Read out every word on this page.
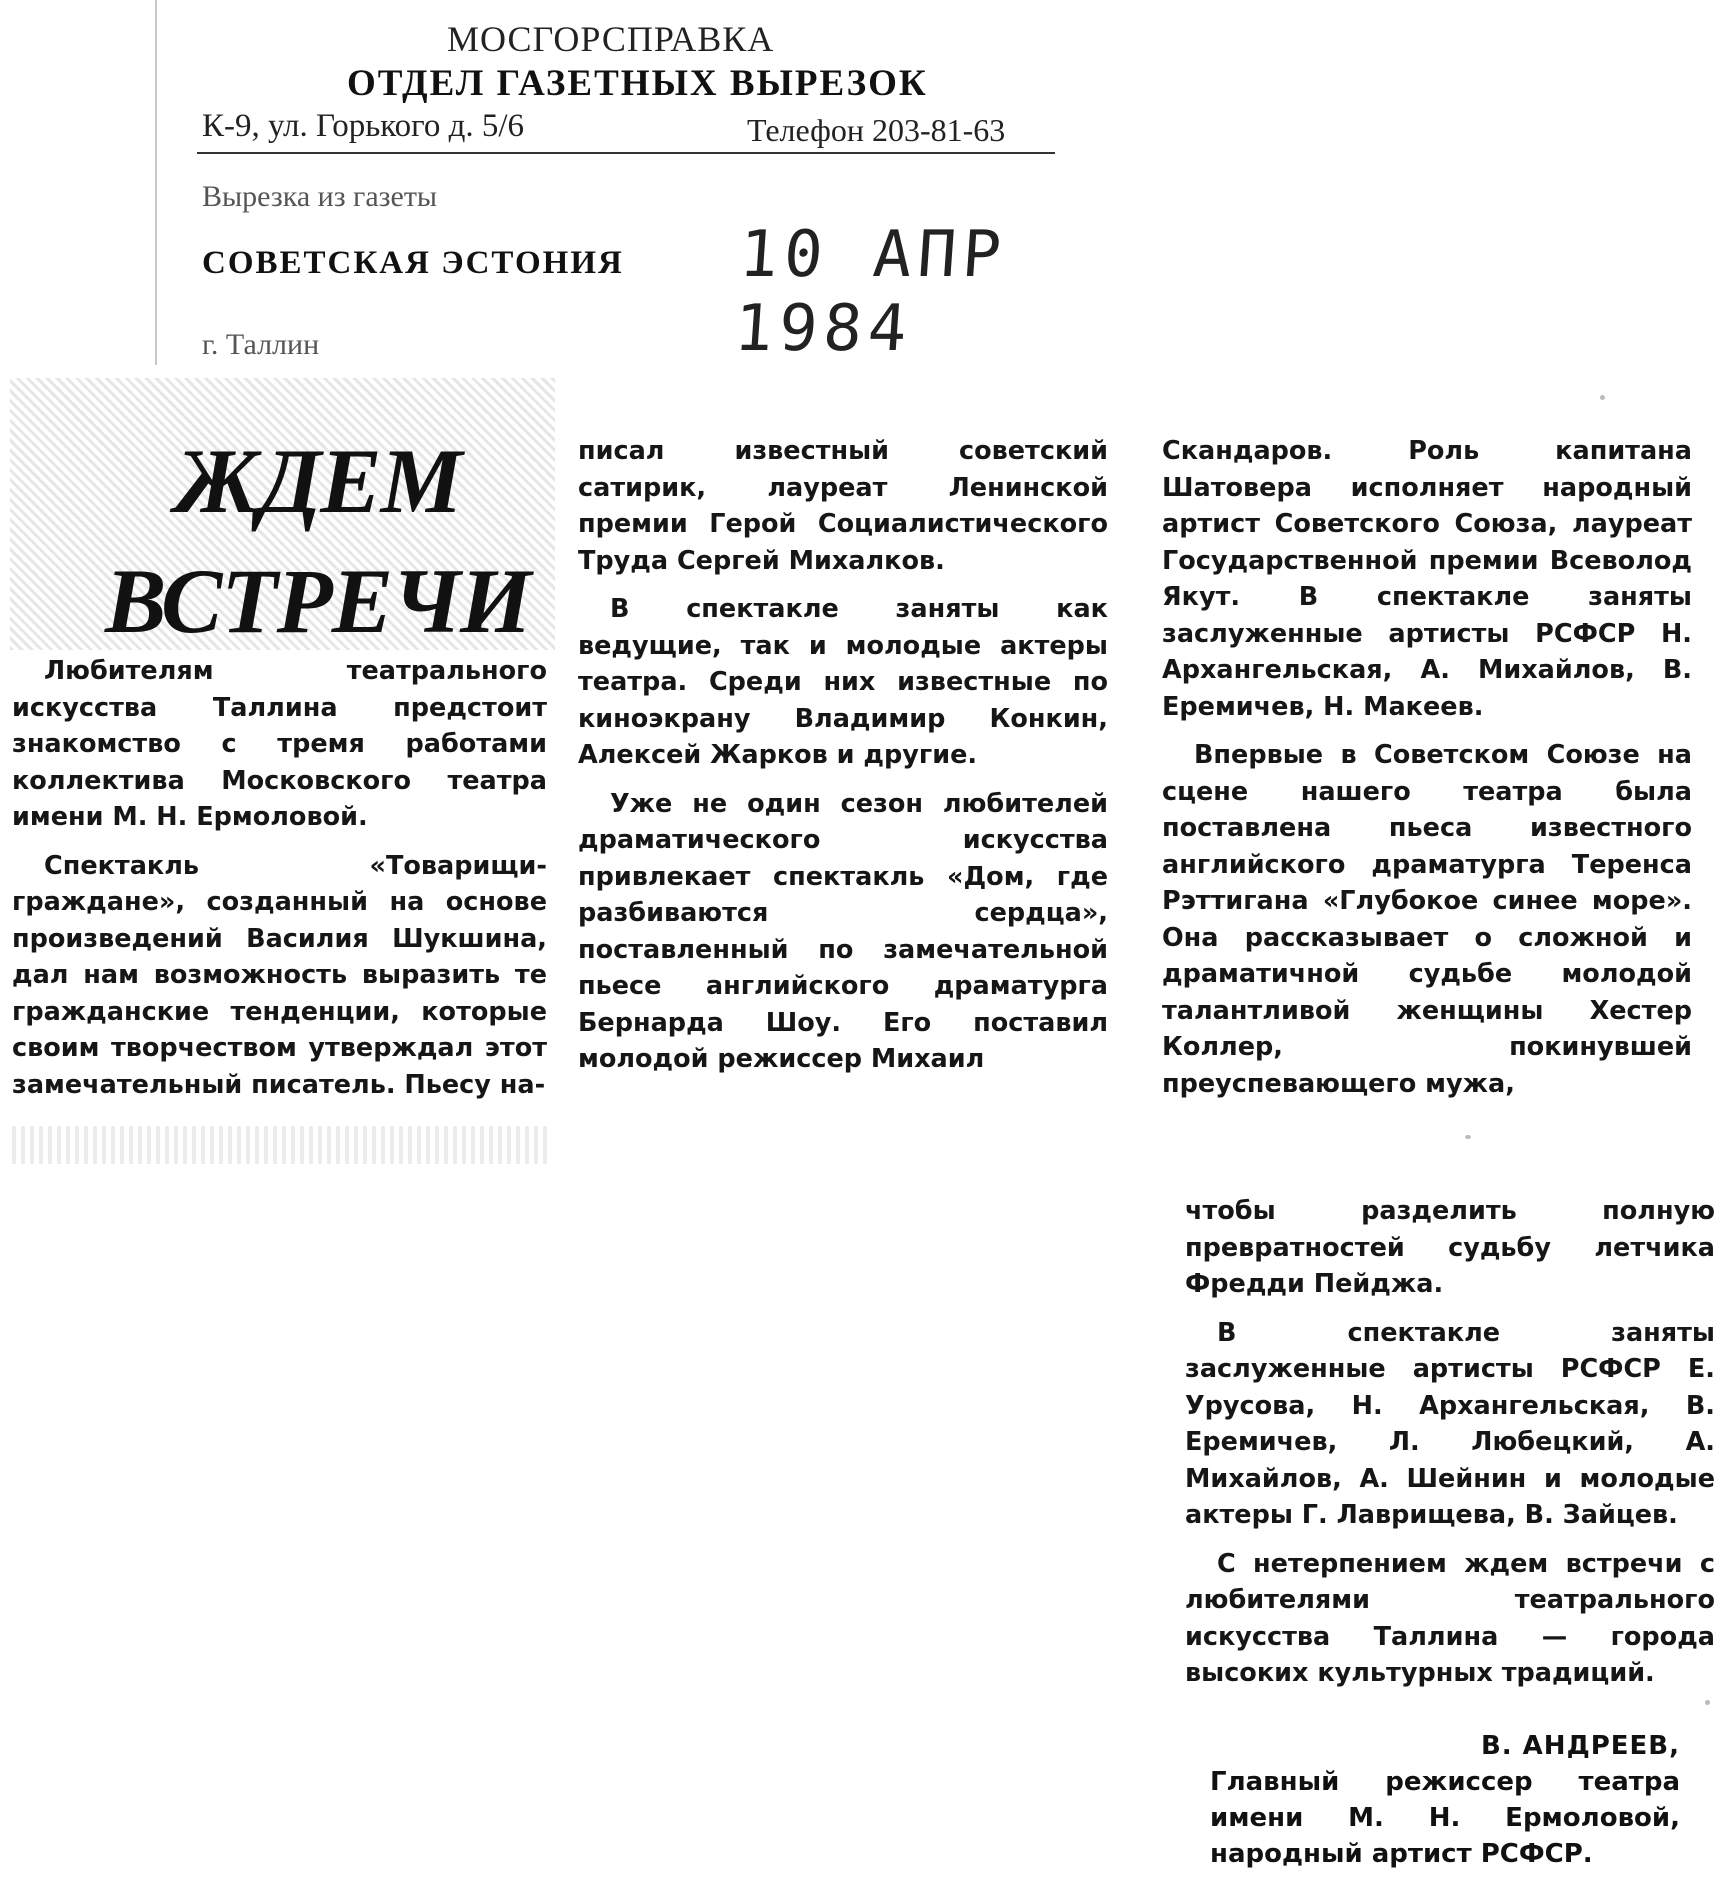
МОСГОРСПРАВКА
ОТДЕЛ ГАЗЕТНЫХ ВЫРЕЗОК
К-9, ул. Горького д. 5/6	Телефон 203-81-63
Вырезка из газеты
СОВЕТСКАЯ ЭСТОНИЯ 10 АПР 1984
г. Таллин
ЖДЕМ
ВСТРЕЧИ

Любителям театрального искусства Таллина предстоит знакомство с тремя работами коллектива Московского театра имени М. Н. Ермоловой.

Спектакль «Товарищи-граждане», созданный на основе произведений Василия Шукшина, дал нам возможность выразить те гражданские тенденции, которые своим творчеством утверждал этот замечательный писатель. Пьесу на-

писал известный советский сатирик, лауреат Ленинской премии Герой Социалистического Труда Сергей Михалков.

В спектакле заняты как ведущие, так и молодые актеры театра. Среди них известные по киноэкрану Владимир Конкин, Алексей Жарков и другие.

Уже не один сезон любителей драматического искусства привлекает спектакль «Дом, где разбиваются сердца», поставленный по замечательной пьесе английского драматурга Бернарда Шоу. Его поставил молодой режиссер Михаил

Скандаров. Роль капитана Шатовера исполняет народный артист Советского Союза, лауреат Государственной премии Всеволод Якут. В спектакле заняты заслуженные артисты РСФСР Н. Архангельская, А. Михайлов, В. Еремичев, Н. Макеев.

Впервые в Советском Союзе на сцене нашего театра была поставлена пьеса известного английского драматурга Теренса Рэттигана «Глубокое синее море». Она рассказывает о сложной и драматичной судьбе молодой талантливой женщины Хестер Коллер, покинувшей преуспевающего мужа,

чтобы разделить полную превратностей судьбу летчика Фредди Пейджа.

В спектакле заняты заслуженные артисты РСФСР Е. Урусова, Н. Архангельская, В. Еремичев, Л. Любецкий, А. Михайлов, А. Шейнин и молодые актеры Г. Лаврищева, В. Зайцев.

С нетерпением ждем встречи с любителями театрального искусства Таллина — города высоких культурных традиций.

В. АНДРЕЕВ,
Главный режиссер театра имени М. Н. Ермоловой, народный артист РСФСР.
